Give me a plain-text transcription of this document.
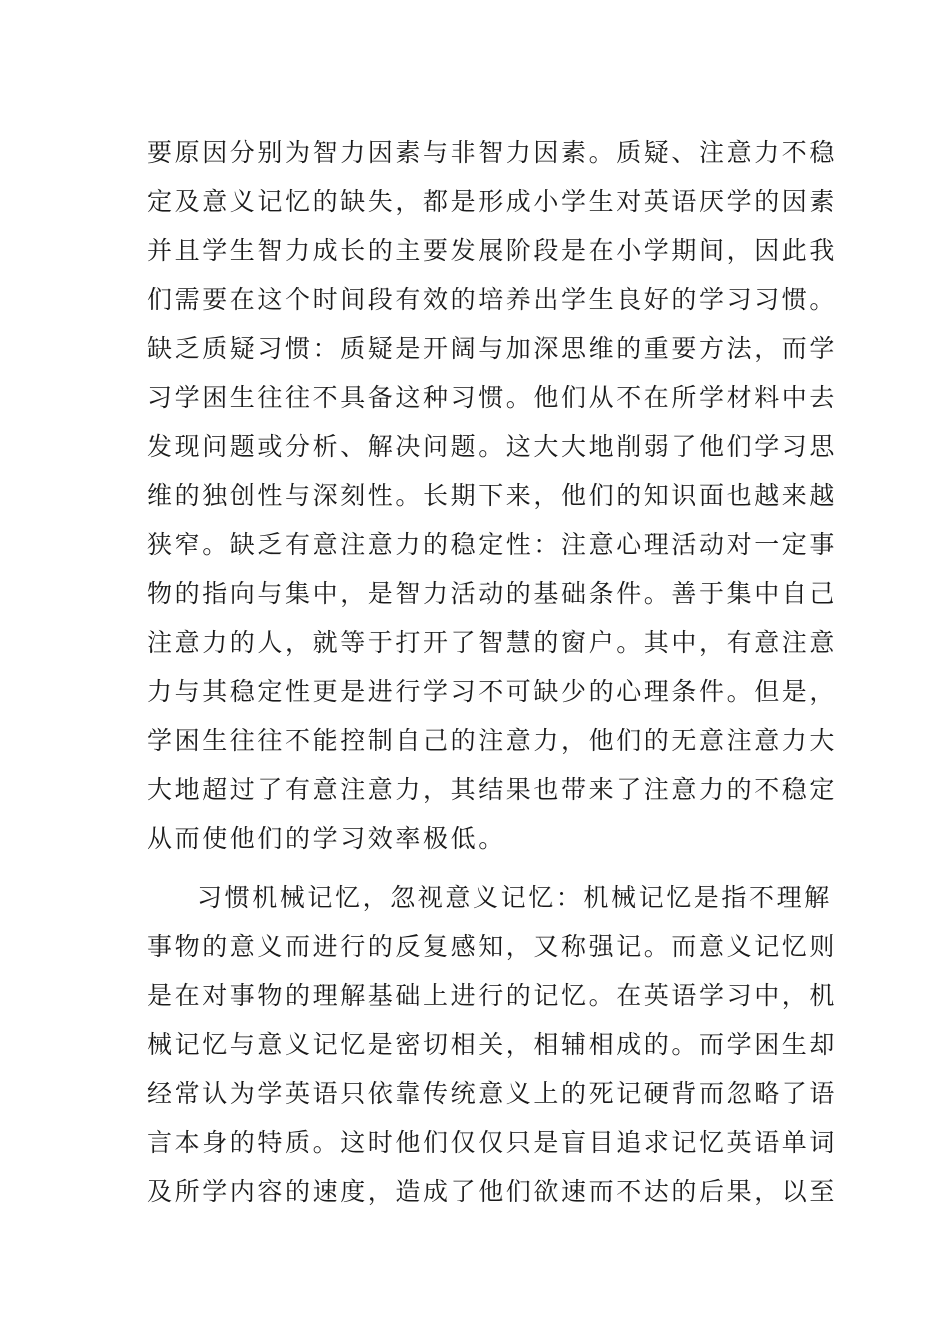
要原因分别为智力因素与非智力因素。质疑、注意力不稳
定及意义记忆的缺失，都是形成小学生对英语厌学的因素
并且学生智力成长的主要发展阶段是在小学期间，因此我
们需要在这个时间段有效的培养出学生良好的学习习惯。
缺乏质疑习惯：质疑是开阔与加深思维的重要方法，而学
习学困生往往不具备这种习惯。他们从不在所学材料中去
发现问题或分析、解决问题。这大大地削弱了他们学习思
维的独创性与深刻性。长期下来，他们的知识面也越来越
狭窄。缺乏有意注意力的稳定性：注意心理活动对一定事
物的指向与集中，是智力活动的基础条件。善于集中自己
注意力的人，就等于打开了智慧的窗户。其中，有意注意
力与其稳定性更是进行学习不可缺少的心理条件。但是，
学困生往往不能控制自己的注意力，他们的无意注意力大
大地超过了有意注意力，其结果也带来了注意力的不稳定
从而使他们的学习效率极低。
习惯机械记忆，忽视意义记忆：机械记忆是指不理解
事物的意义而进行的反复感知，又称强记。而意义记忆则
是在对事物的理解基础上进行的记忆。在英语学习中，机
械记忆与意义记忆是密切相关，相辅相成的。而学困生却
经常认为学英语只依靠传统意义上的死记硬背而忽略了语
言本身的特质。这时他们仅仅只是盲目追求记忆英语单词
及所学内容的速度，造成了他们欲速而不达的后果，以至
